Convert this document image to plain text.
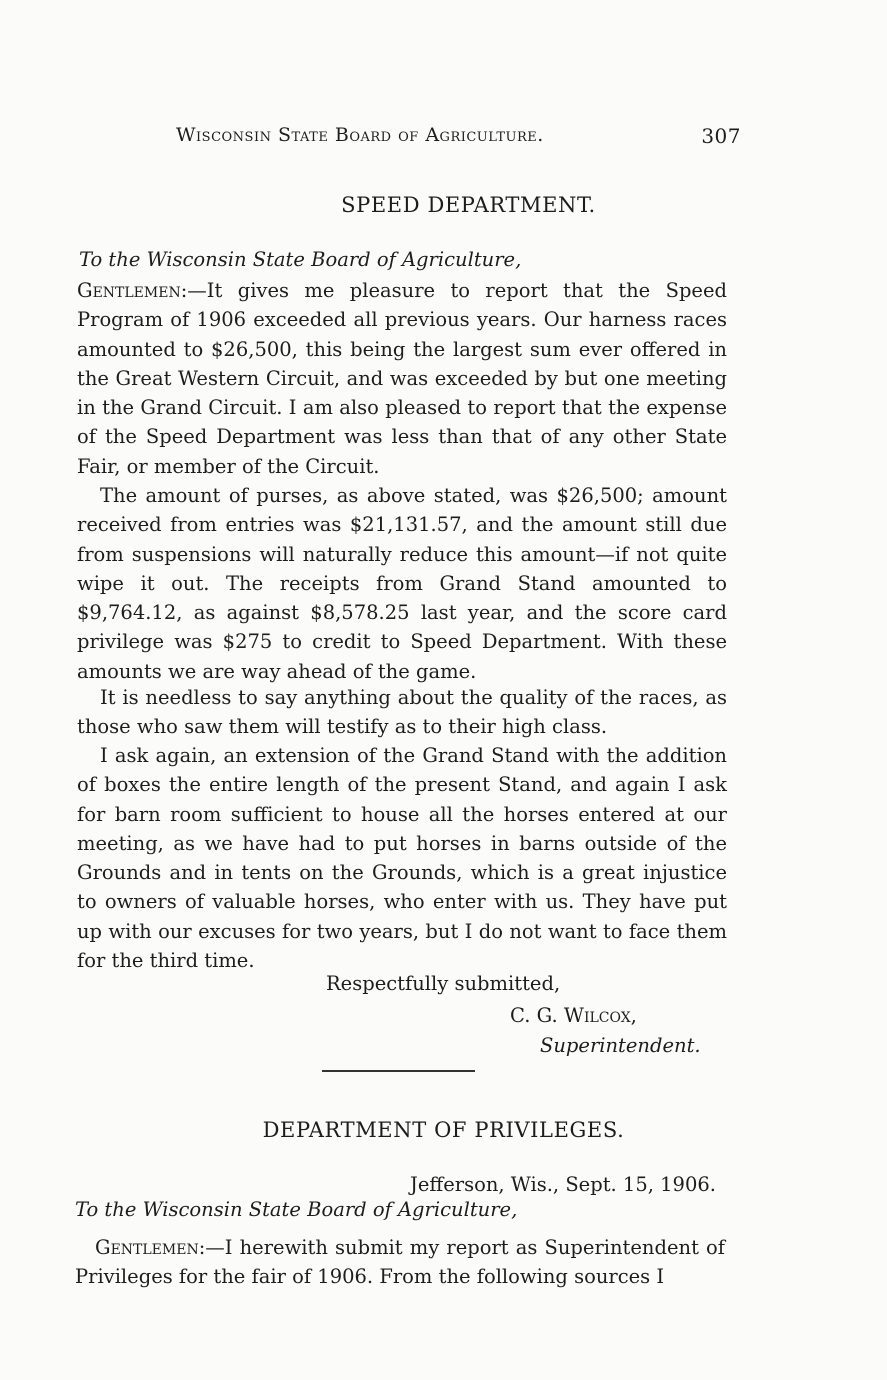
Wisconsin State Board of Agriculture.	307
SPEED DEPARTMENT.
To the Wisconsin State Board of Agriculture,
Gentlemen:—It gives me pleasure to report that the Speed Program of 1906 exceeded all previous years. Our harness races amounted to $26,500, this being the largest sum ever offered in the Great Western Circuit, and was exceeded by but one meeting in the Grand Circuit. I am also pleased to report that the expense of the Speed Department was less than that of any other State Fair, or member of the Circuit.
The amount of purses, as above stated, was $26,500; amount received from entries was $21,131.57, and the amount still due from suspensions will naturally reduce this amount—if not quite wipe it out. The receipts from Grand Stand amounted to $9,764.12, as against $8,578.25 last year, and the score card privilege was $275 to credit to Speed Department. With these amounts we are way ahead of the game.
It is needless to say anything about the quality of the races, as those who saw them will testify as to their high class.
I ask again, an extension of the Grand Stand with the addition of boxes the entire length of the present Stand, and again I ask for barn room sufficient to house all the horses entered at our meeting, as we have had to put horses in barns outside of the Grounds and in tents on the Grounds, which is a great injustice to owners of valuable horses, who enter with us. They have put up with our excuses for two years, but I do not want to face them for the third time.
Respectfully submitted,
C. G. Wilcox,
Superintendent.
DEPARTMENT OF PRIVILEGES.
Jefferson, Wis., Sept. 15, 1906.
To the Wisconsin State Board of Agriculture,
Gentlemen:—I herewith submit my report as Superintendent of Privileges for the fair of 1906. From the following sources I
